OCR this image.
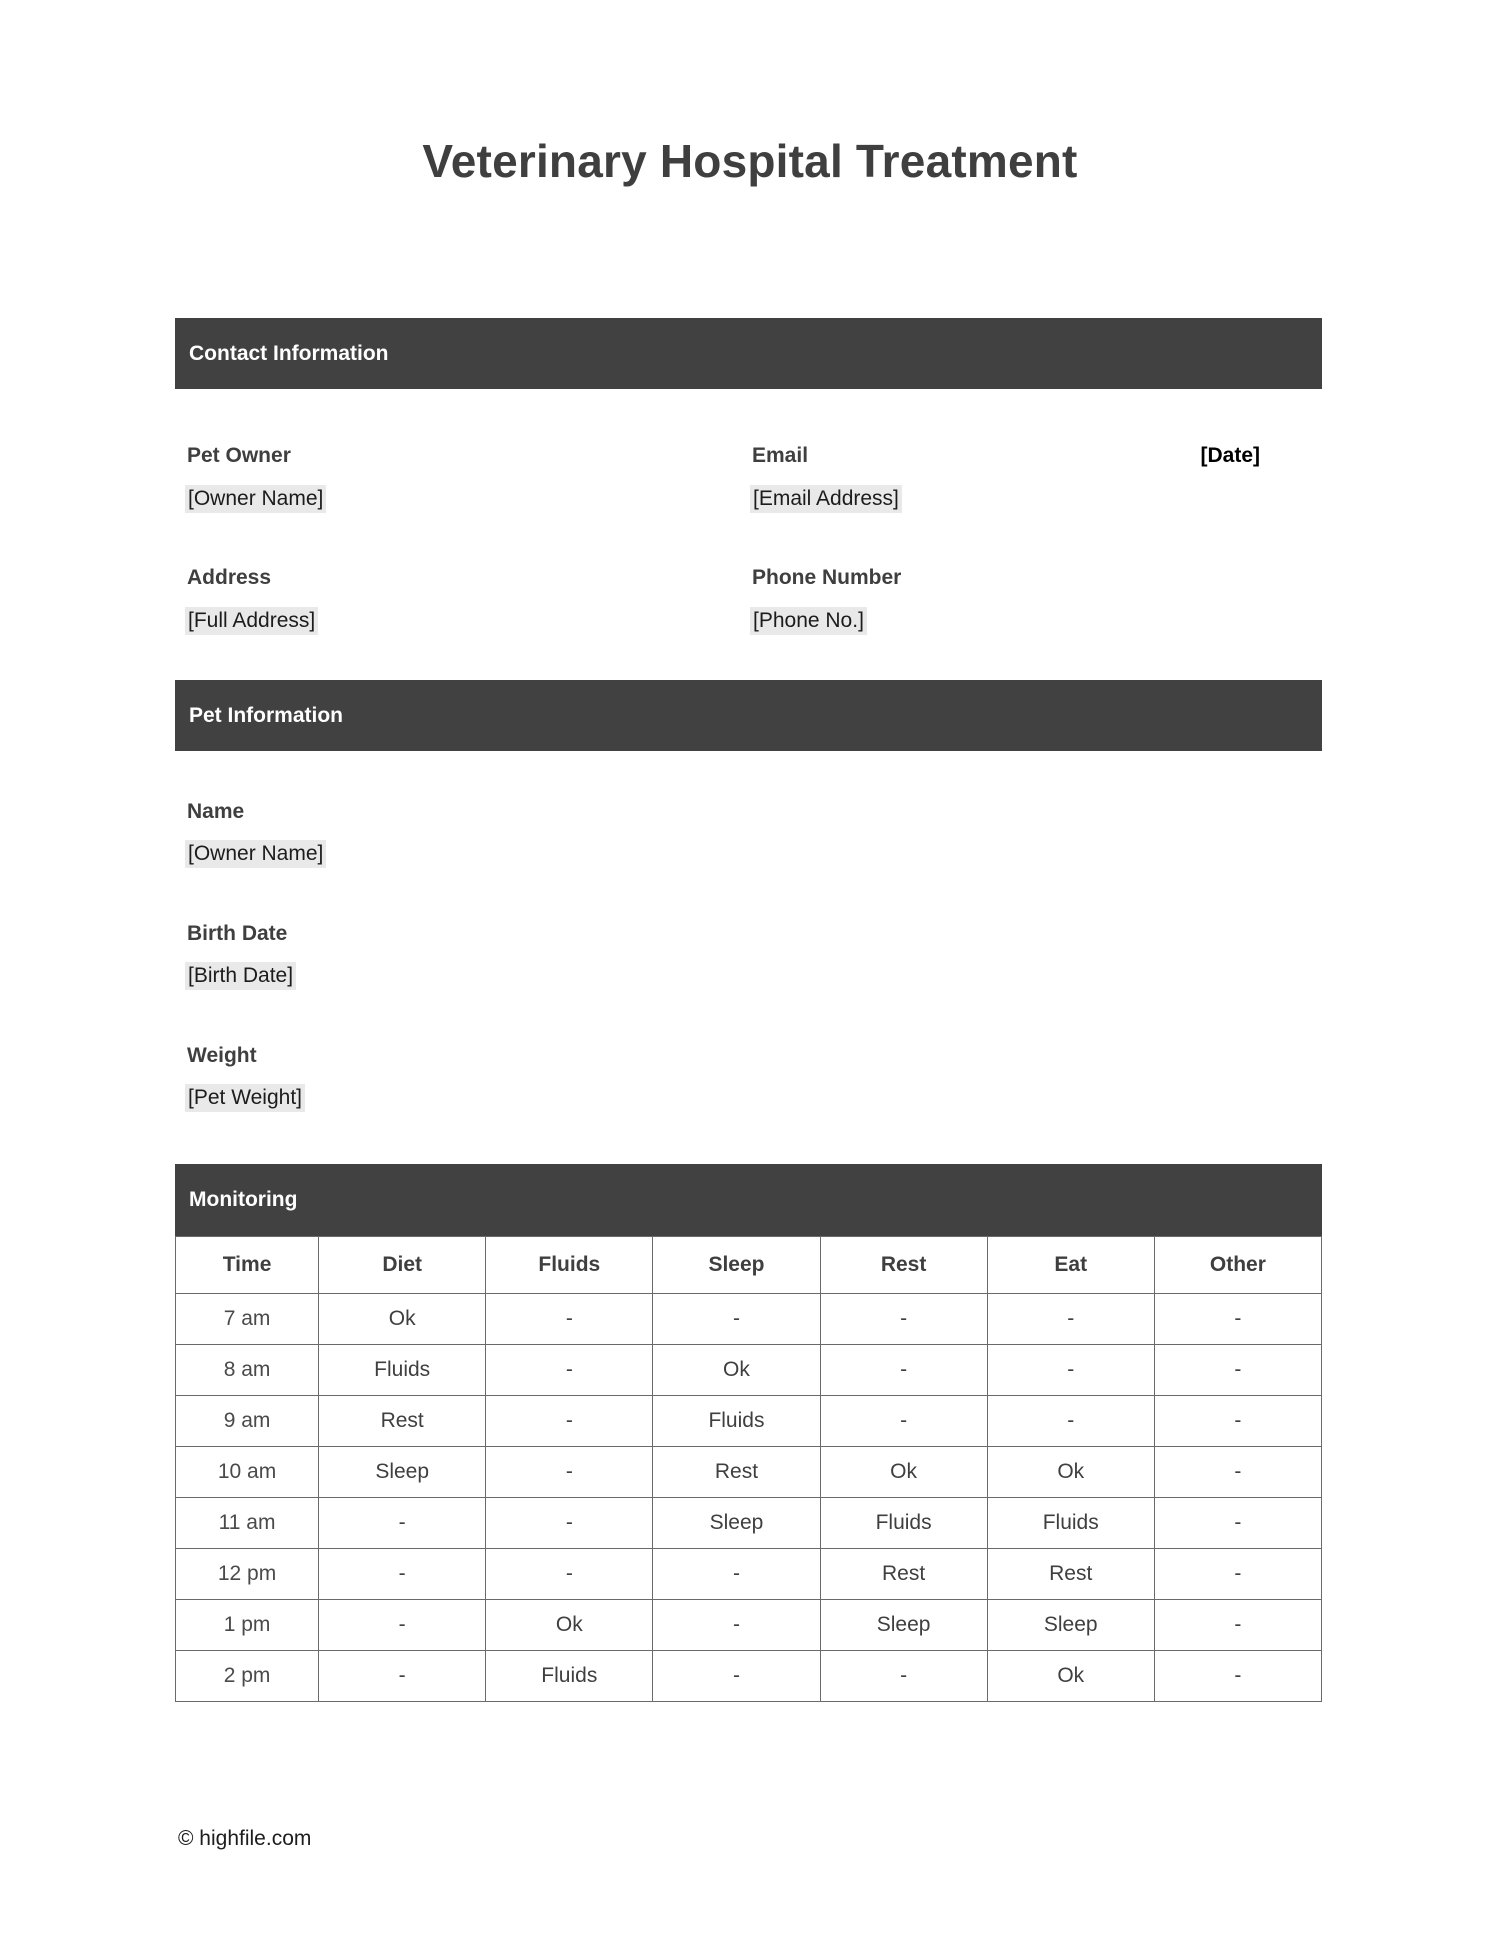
Veterinary Hospital Treatment
Contact Information
Pet Owner
[Owner Name]
Email
[Email Address]
[Date]
Address
[Full Address]
Phone Number
[Phone No.]
Pet Information
Name
[Owner Name]
Birth Date
[Birth Date]
Weight
[Pet Weight]
Monitoring
Time	Diet	Fluids	Sleep	Rest	Eat	Other
7 am	Ok	-	-	-	-	-
8 am	Fluids	-	Ok	-	-	-
9 am	Rest	-	Fluids	-	-	-
10 am	Sleep	-	Rest	Ok	Ok	-
11 am	-	-	Sleep	Fluids	Fluids	-
12 pm	-	-	-	Rest	Rest	-
1 pm	-	Ok	-	Sleep	Sleep	-
2 pm	-	Fluids	-	-	Ok	-
© highfile.com
